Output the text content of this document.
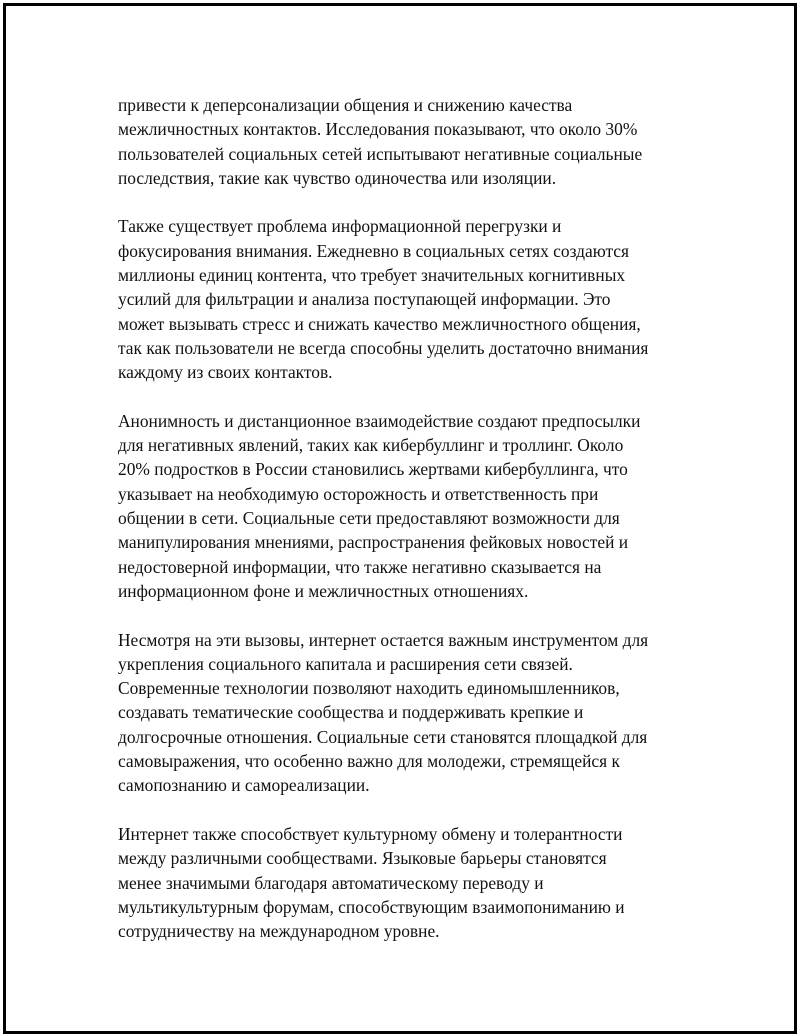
привести к деперсонализации общения и снижению качества
межличностных контактов. Исследования показывают, что около 30%
пользователей социальных сетей испытывают негативные социальные
последствия, такие как чувство одиночества или изоляции.

Также существует проблема информационной перегрузки и
фокусирования внимания. Ежедневно в социальных сетях создаются
миллионы единиц контента, что требует значительных когнитивных
усилий для фильтрации и анализа поступающей информации. Это
может вызывать стресс и снижать качество межличностного общения,
так как пользователи не всегда способны уделить достаточно внимания
каждому из своих контактов.

Анонимность и дистанционное взаимодействие создают предпосылки
для негативных явлений, таких как кибербуллинг и троллинг. Около
20% подростков в России становились жертвами кибербуллинга, что
указывает на необходимую осторожность и ответственность при
общении в сети. Социальные сети предоставляют возможности для
манипулирования мнениями, распространения фейковых новостей и
недостоверной информации, что также негативно сказывается на
информационном фоне и межличностных отношениях.

Несмотря на эти вызовы, интернет остается важным инструментом для
укрепления социального капитала и расширения сети связей.
Современные технологии позволяют находить единомышленников,
создавать тематические сообщества и поддерживать крепкие и
долгосрочные отношения. Социальные сети становятся площадкой для
самовыражения, что особенно важно для молодежи, стремящейся к
самопознанию и самореализации.

Интернет также способствует культурному обмену и толерантности
между различными сообществами. Языковые барьеры становятся
менее значимыми благодаря автоматическому переводу и
мультикультурным форумам, способствующим взаимопониманию и
сотрудничеству на международном уровне.
